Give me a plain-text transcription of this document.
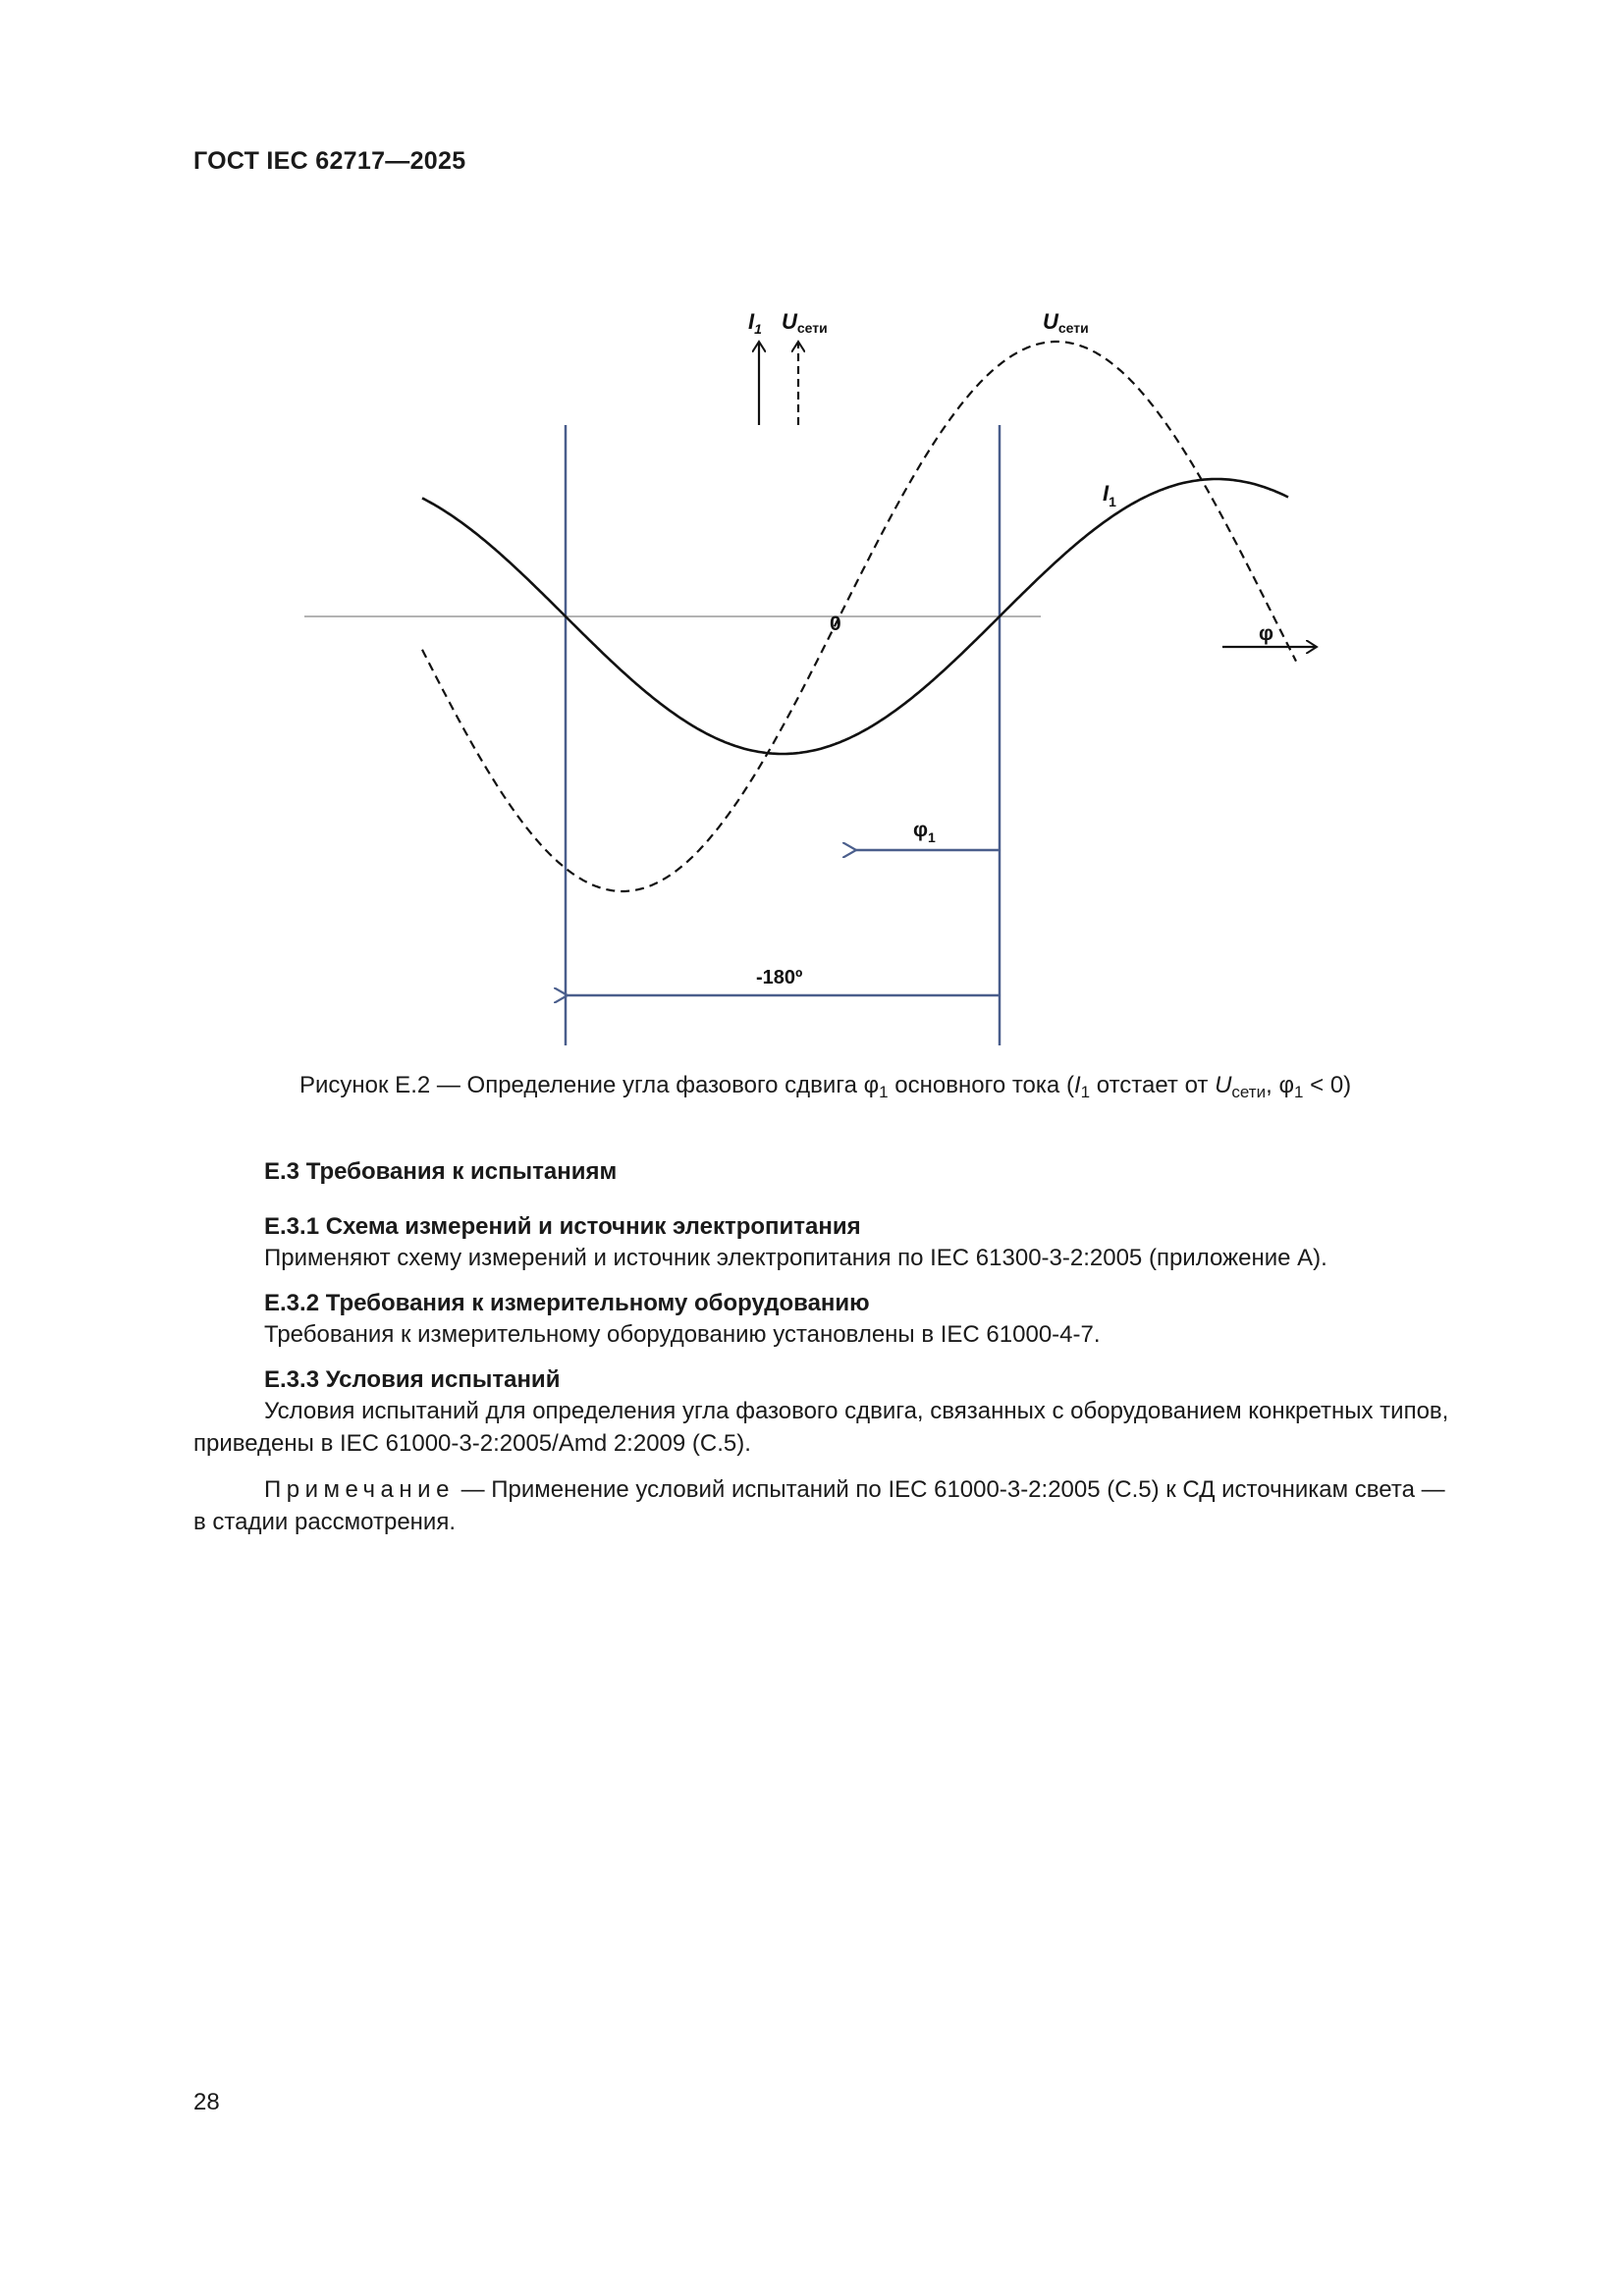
ГОСТ IEC 62717—2025
$I_1$ Uсети	Uсети
$I_1$
0	φ
$\varphi_1$
-180º
Рисунок Е.2 — Определение угла фазового сдвига $\varphi_1$ основного тока ($I_1$ отстает от $U_{сети}$, $\varphi_1 < 0$)
Е.3 Требования к испытаниям
Е.3.1 Схема измерений и источник электропитания
Применяют схему измерений и источник электропитания по IEC 61300-3-2:2005 (приложение А).
Е.3.2 Требования к измерительному оборудованию
Требования к измерительному оборудованию установлены в IEC 61000-4-7.
Е.3.3 Условия испытаний
Условия испытаний для определения угла фазового сдвига, связанных с оборудованием конкретных типов,
приведены в IEC 61000-3-2:2005/Amd 2:2009 (С.5).
Примечание — Применение условий испытаний по IEC 61000-3-2:2005 (С.5) к СД источникам света —
в стадии рассмотрения.
28
